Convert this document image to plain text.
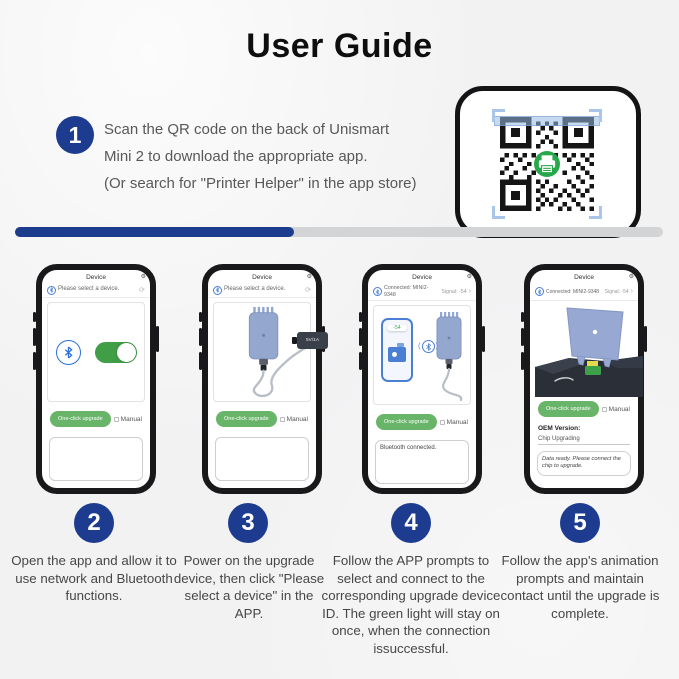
User Guide
1	Scan the QR code on the back of Unismart
Mini 2 to download the appropriate app.
(Or search for "Printer Helper" in the app store)
Device	⚙
Please select a device.	⟳
One-click upgrade	Manual
Device	⚙
Please select a device.	⟳
5V/1A
One-click upgrade	Manual
Device	⚙
Connected: MINI2-9348	Signal: -54 ›
-54
(
One-click upgrade	Manual
Bluetooth connected.
Device	⚙
Connected: MINI2-9348	Signal: -54 ›
One-click upgrade	Manual
OEM Version:
Chip Upgrading
Data ready. Please connect the chip to upgrade.
2	3	4	5
Open the app and allow it to use network and Bluetooth functions.
Power on the upgrade device, then click "Please select a device" in the APP.
Follow the APP prompts to select and connect to the corresponding upgrade device ID. The green light will stay on once, when the connection issuccessful.
Follow the app's animation prompts and maintain contact until the upgrade is complete.
